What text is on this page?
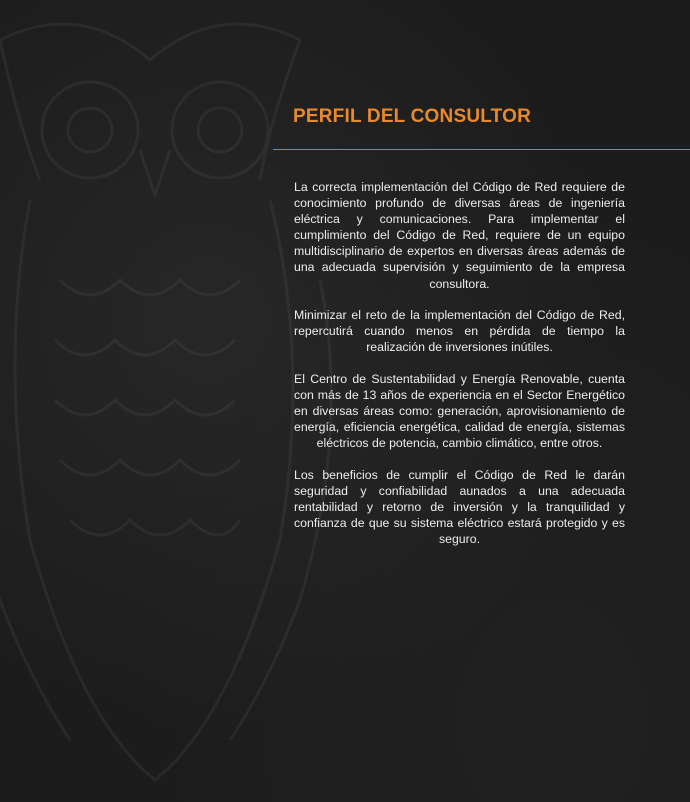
PERFIL DEL CONSULTOR

La correcta implementación del Código de Red requiere de conocimiento profundo de diversas áreas de ingeniería eléctrica y comunicaciones. Para implementar el cumplimiento del Código de Red, requiere de un equipo multidisciplinario de expertos en diversas áreas además de una adecuada supervisión y seguimiento de la empresa consultora.

Minimizar el reto de la implementación del Código de Red, repercutirá cuando menos en pérdida de tiempo la realización de inversiones inútiles.

El Centro de Sustentabilidad y Energía Renovable, cuenta con más de 13 años de experiencia en el Sector Energético en diversas áreas como: generación, aprovisionamiento de energía, eficiencia energética, calidad de energía, sistemas eléctricos de potencia, cambio climático, entre otros.

Los beneficios de cumplir el Código de Red le darán seguridad y confiabilidad aunados a una adecuada rentabilidad y retorno de inversión y la tranquilidad y confianza de que su sistema eléctrico estará protegido y es seguro.
